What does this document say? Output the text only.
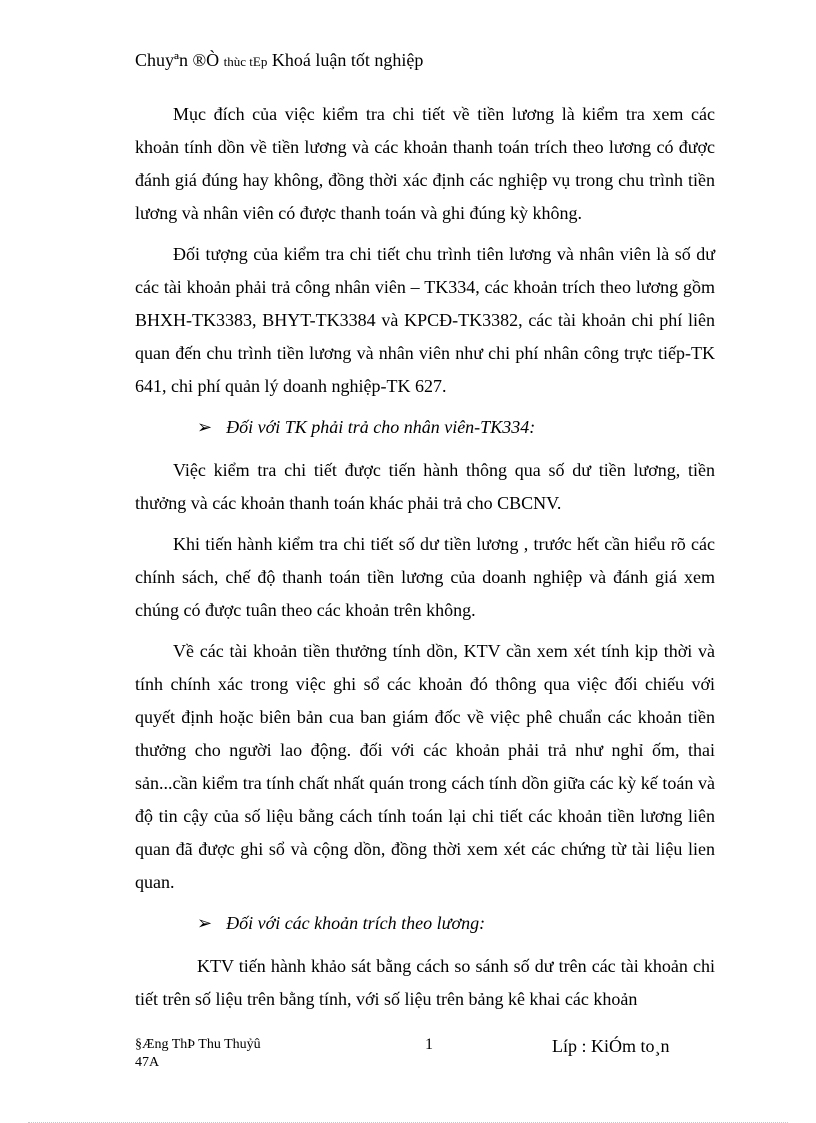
Chuyªn ®Ò thùc tEp Khoá luận tốt nghiệp

Mục đích của việc kiểm tra chi tiết về tiền lương là kiểm tra xem các khoản tính dồn về tiền lương và các khoản thanh toán trích theo lương có được đánh giá đúng hay không, đồng thời xác định các nghiệp vụ trong chu trình tiền lương và nhân viên có được thanh toán và ghi đúng kỳ không.

Đối tượng của kiểm tra chi tiết chu trình tiên lương và nhân viên là số dư các tài khoản phải trả công nhân viên – TK334, các khoản trích theo lương gồm BHXH-TK3383, BHYT-TK3384 và KPCĐ-TK3382, các tài khoản chi phí liên quan đến chu trình tiền lương và nhân viên như chi phí nhân công trực tiếp-TK 641, chi phí quản lý doanh nghiệp-TK 627.

➢ Đối với TK phải trả cho nhân viên-TK334:

Việc kiểm tra chi tiết được tiến hành thông qua số dư tiền lương, tiền thưởng và các khoản thanh toán khác phải trả cho CBCNV.

Khi tiến hành kiểm tra chi tiết số dư tiền lương , trước hết cần hiểu rõ các chính sách, chế độ thanh toán tiền lương của doanh nghiệp và đánh giá xem chúng có được tuân theo các khoản trên không.

Về các tài khoản tiền thưởng tính dồn, KTV cần xem xét tính kịp thời và tính chính xác trong việc ghi sổ các khoản đó thông qua việc đối chiếu với quyết định hoặc biên bản cua ban giám đốc về việc phê chuẩn các khoản tiền thưởng cho người lao động. đối với các khoản phải trả như nghỉ ốm, thai sản...cần kiểm tra tính chất nhất quán trong cách tính dồn giữa các kỳ kế toán và độ tin cậy của số liệu bằng cách tính toán lại chi tiết các khoản tiền lương liên quan đã được ghi sổ và cộng dồn, đồng thời xem xét các chứng từ tài liệu lien quan.

➢ Đối với các khoản trích theo lương:

KTV tiến hành khảo sát bằng cách so sánh số dư trên các tài khoản chi tiết trên số liệu trên bằng tính, với số liệu trên bảng kê khai các khoản

§Æng ThÞ Thu Thuỷû
47A
1	Líp : KiÓm to¸n
